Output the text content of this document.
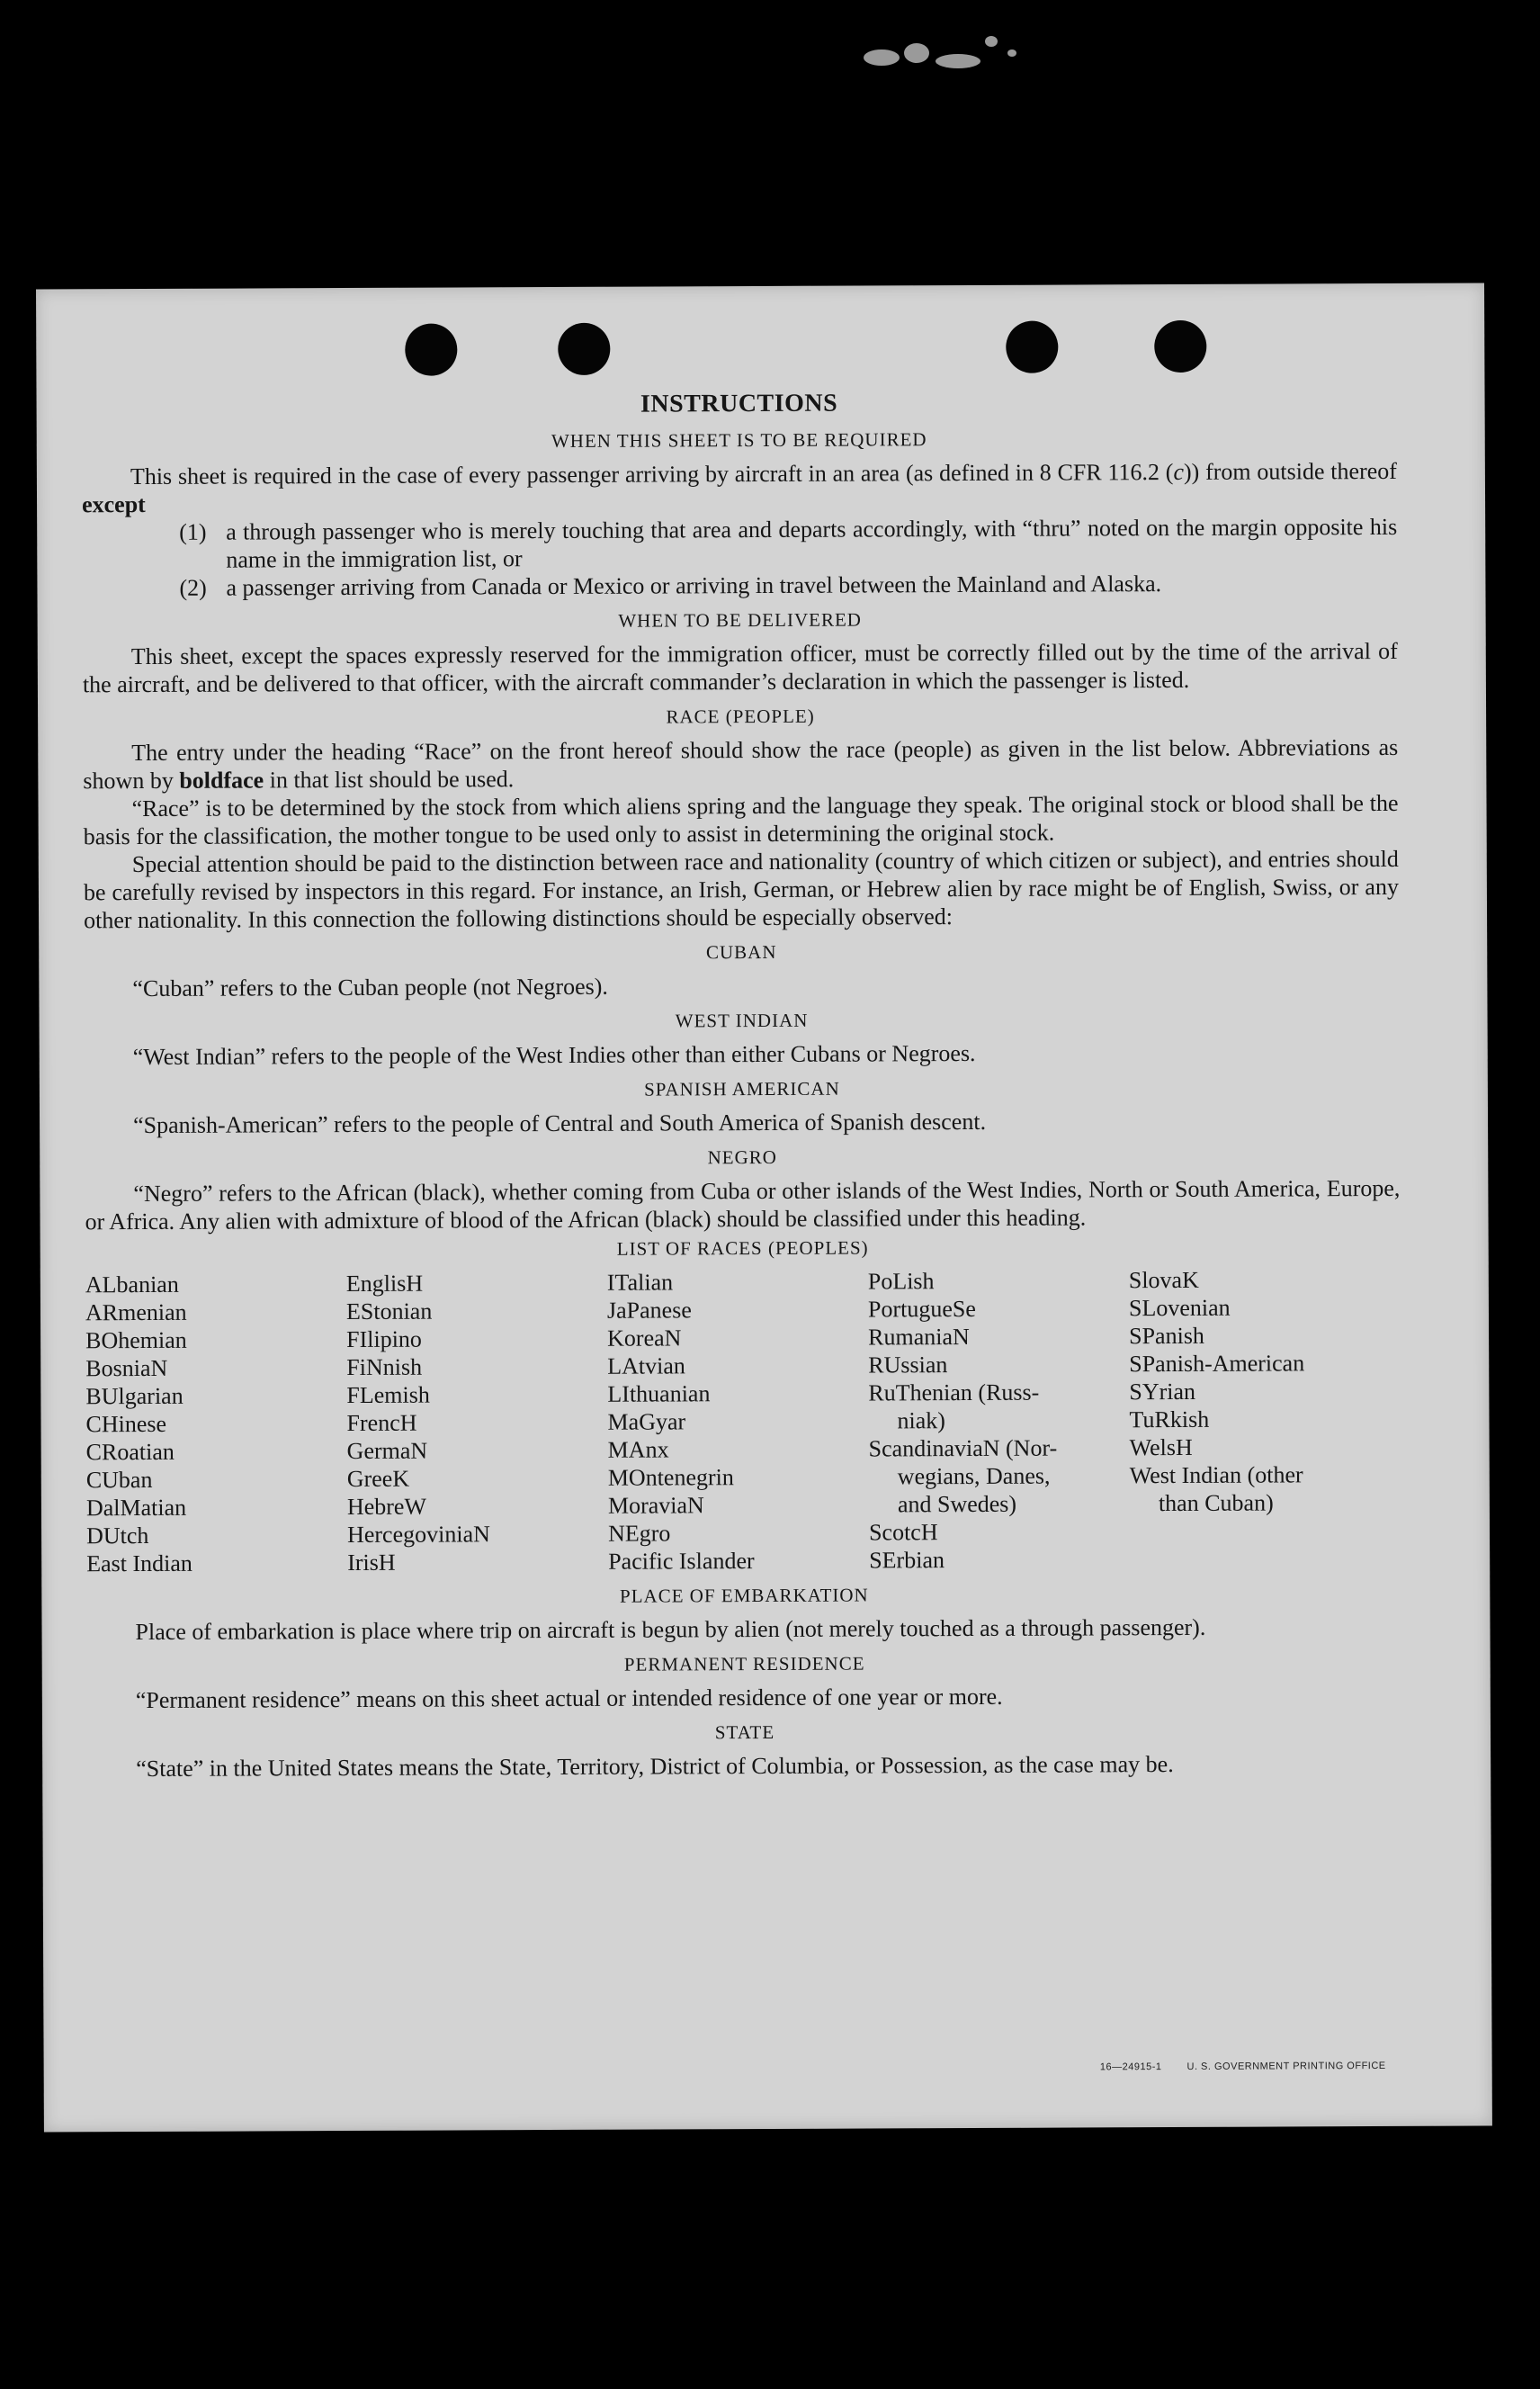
INSTRUCTIONS
WHEN THIS SHEET IS TO BE REQUIRED

This sheet is required in the case of every passenger arriving by aircraft in an area (as defined in 8 CFR 116.2 (c)) from outside thereof except

(1) a through passenger who is merely touching that area and departs accordingly, with “thru” noted on the margin opposite his name in the immigration list, or
(2) a passenger arriving from Canada or Mexico or arriving in travel between the Mainland and Alaska.
WHEN TO BE DELIVERED

This sheet, except the spaces expressly reserved for the immigration officer, must be correctly filled out by the time of the arrival of the aircraft, and be delivered to that officer, with the aircraft commander’s declaration in which the passenger is listed.

RACE (PEOPLE)

The entry under the heading “Race” on the front hereof should show the race (people) as given in the list below. Abbreviations as shown by boldface in that list should be used.

“Race” is to be determined by the stock from which aliens spring and the language they speak. The original stock or blood shall be the basis for the classification, the mother tongue to be used only to assist in determining the original stock.

Special attention should be paid to the distinction between race and nationality (country of which citizen or subject), and entries should be carefully revised by inspectors in this regard. For instance, an Irish, German, or Hebrew alien by race might be of English, Swiss, or any other nationality. In this connection the following distinctions should be especially observed:

CUBAN

“Cuban” refers to the Cuban people (not Negroes).

WEST INDIAN

“West Indian” refers to the people of the West Indies other than either Cubans or Negroes.

SPANISH AMERICAN

“Spanish-American” refers to the people of Central and South America of Spanish descent.

NEGRO

“Negro” refers to the African (black), whether coming from Cuba or other islands of the West Indies, North or South America, Europe, or Africa. Any alien with admixture of blood of the African (black) should be classified under this heading.

LIST OF RACES (PEOPLES)
ALbanian
ARmenian
BOhemian
BosniaN
BUlgarian
CHinese
CRoatian
CUban
DalMatian
DUtch
East Indian
EnglisH
EStonian
FIlipino
FiNnish
FLemish
FrencH
GermaN
GreeK
HebreW
HercegoviniaN
IrisH
ITalian
JaPanese
KoreaN
LAtvian
LIthuanian
MaGyar
MAnx
MOntenegrin
MoraviaN
NEgro
Pacific Islander
PoLish
PortugueSe
RumaniaN
RUssian
RuThenian (Russ-
niak)
ScandinaviaN (Nor-
wegians, Danes,
and Swedes)
ScotcH
SErbian
SlovaK
SLovenian
SPanish
SPanish-American
SYrian
TuRkish
WelsH
West Indian (other
than Cuban)
PLACE OF EMBARKATION

Place of embarkation is place where trip on aircraft is begun by alien (not merely touched as a through passenger).

PERMANENT RESIDENCE

“Permanent residence” means on this sheet actual or intended residence of one year or more.

STATE

“State” in the United States means the State, Territory, District of Columbia, or Possession, as the case may be.

16—24915-1	U. S. GOVERNMENT PRINTING OFFICE
